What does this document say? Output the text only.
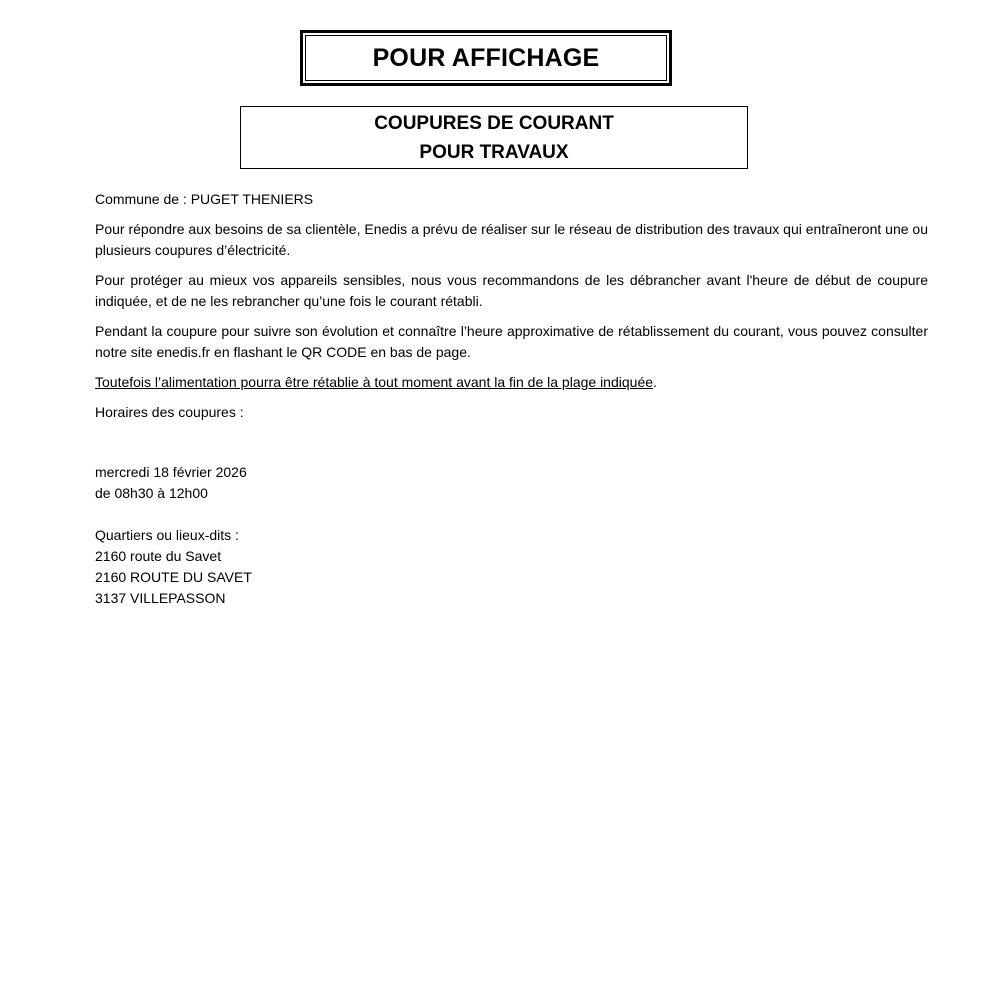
POUR AFFICHAGE
COUPURES DE COURANT
POUR TRAVAUX

Commune de : PUGET THENIERS

Pour répondre aux besoins de sa clientèle, Enedis a prévu de réaliser sur le réseau de distribution des travaux qui entraîneront une ou plusieurs coupures d’électricité.

Pour protéger au mieux vos appareils sensibles, nous vous recommandons de les débrancher avant l'heure de début de coupure indiquée, et de ne les rebrancher qu’une fois le courant rétabli.

Pendant la coupure pour suivre son évolution et connaître l’heure approximative de rétablissement du courant, vous pouvez consulter notre site enedis.fr en flashant le QR CODE en bas de page.

Toutefois l’alimentation pourra être rétablie à tout moment avant la fin de la plage indiquée.

Horaires des coupures :

mercredi 18 février 2026
de 08h30 à 12h00
Quartiers ou lieux-dits :
2160 route du Savet
2160 ROUTE DU SAVET
3137 VILLEPASSON
